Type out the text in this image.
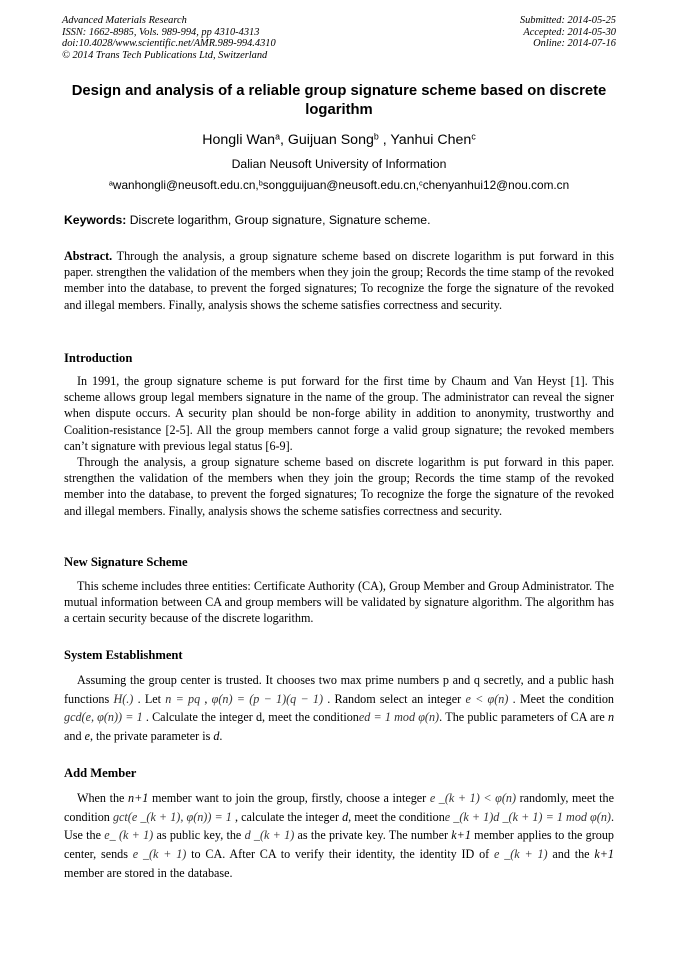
Advanced Materials Research
ISSN: 1662-8985, Vols. 989-994, pp 4310-4313
doi:10.4028/www.scientific.net/AMR.989-994.4310
© 2014 Trans Tech Publications Ltd, Switzerland
Submitted: 2014-05-25
Accepted: 2014-05-30
Online: 2014-07-16
Design and analysis of a reliable group signature scheme based on discrete logarithm
Hongli Wan$^a$, Guijuan Song$^b$ , Yanhui Chen$^c$
Dalian Neusoft University of Information
$^a$wanhongli@neusoft.edu.cn,$^b$songguijuan@neusoft.edu.cn,$^c$chenyanhui12@nou.com.cn
Keywords: Discrete logarithm, Group signature, Signature scheme.
Abstract. Through the analysis, a group signature scheme based on discrete logarithm is put forward in this paper. strengthen the validation of the members when they join the group; Records the time stamp of the revoked member into the database, to prevent the forged signatures; To recognize the forge the signature of the revoked and illegal members. Finally, analysis shows the scheme satisfies correctness and security.
Introduction
In 1991, the group signature scheme is put forward for the first time by Chaum and Van Heyst [1]. This scheme allows group legal members signature in the name of the group. The administrator can reveal the signer when dispute occurs. A security plan should be non-forge ability in addition to anonymity, trustworthy and Coalition-resistance [2-5]. All the group members cannot forge a valid group signature; the revoked members can’t signature with previous legal status [6-9].
Through the analysis, a group signature scheme based on discrete logarithm is put forward in this paper. strengthen the validation of the members when they join the group; Records the time stamp of the revoked member into the database, to prevent the forged signatures; To recognize the forge the signature of the revoked and illegal members. Finally, analysis shows the scheme satisfies correctness and security.
New Signature Scheme
This scheme includes three entities: Certificate Authority (CA), Group Member and Group Administrator. The mutual information between CA and group members will be validated by signature algorithm. The algorithm has a certain security because of the discrete logarithm.
System Establishment
Assuming the group center is trusted. It chooses two max prime numbers p and q secretly, and a public hash functions H(.) . Let n = pq , φ(n) = (p − 1)(q − 1) . Random select an integer e < φ(n) . Meet the condition gcd(e, φ(n)) = 1 . Calculate the integer d, meet the conditioned = 1 mod φ(n). The public parameters of CA are n and e, the private parameter is d.
Add Member
When the n+1 member want to join the group, firstly, choose a integer e _(k + 1) < φ(n) randomly, meet the condition gct(e _(k + 1), φ(n)) = 1 , calculate the integer d, meet the conditione _(k + 1)d _(k + 1) = 1 mod φ(n). Use the e_ (k + 1) as public key, the d _(k + 1) as the private key. The number k+1 member applies to the group center, sends e _(k + 1) to CA. After CA to verify their identity, the identity ID of e _(k + 1) and the k+1 member are stored in the database.
